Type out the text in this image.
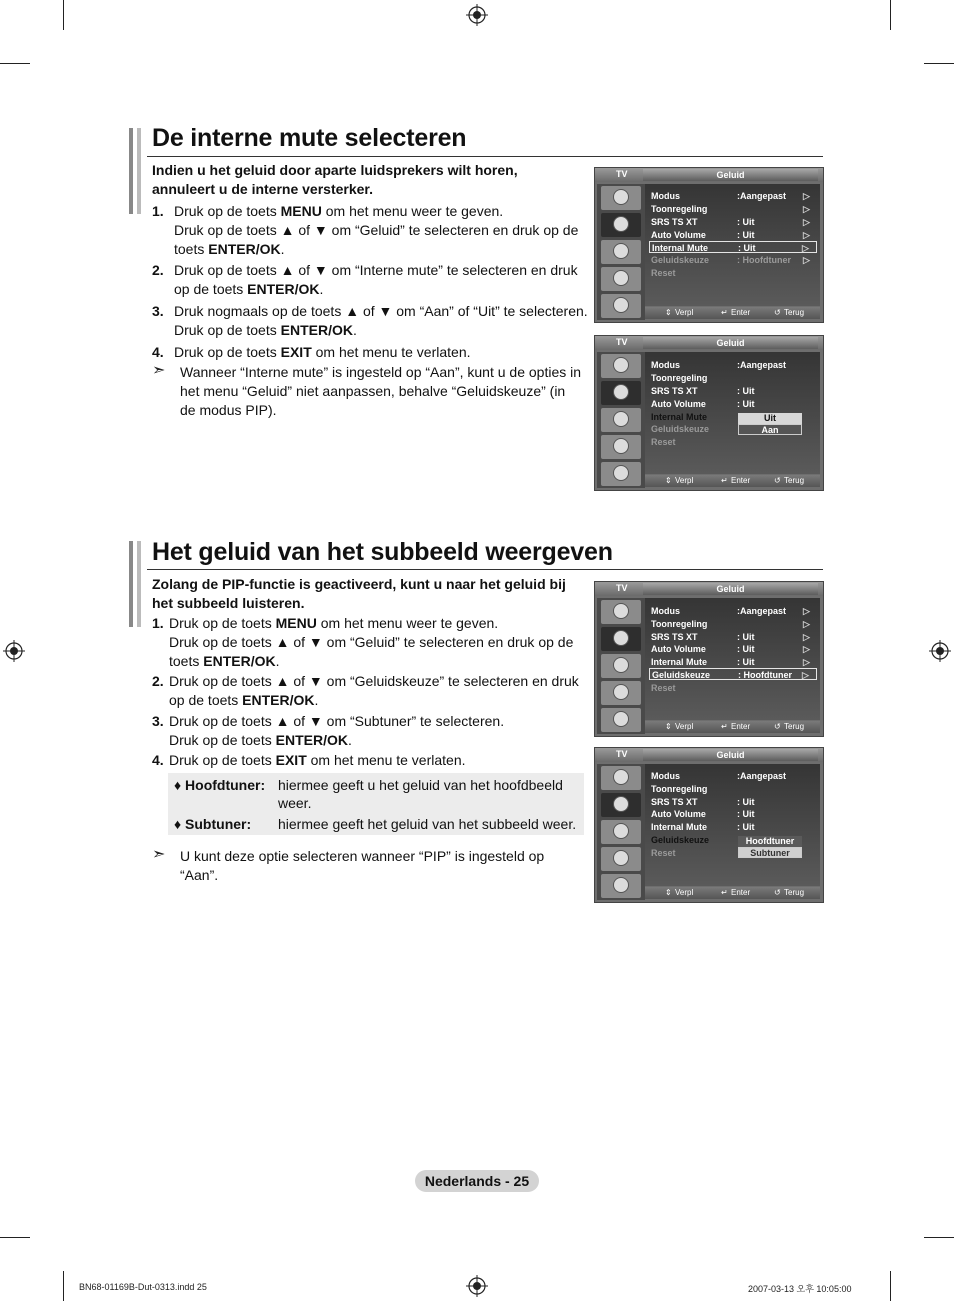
De interne mute selecteren
Indien u het geluid door aparte luidsprekers wilt horen, annuleert u de interne versterker.
1. Druk op de toets MENU om het menu weer te geven.
Druk op de toets ▲ of ▼ om “Geluid” te selecteren en druk op de toets ENTER/OK.
2. Druk op de toets ▲ of ▼ om “Interne mute” te selecteren en druk op de toets ENTER/OK.
3. Druk nogmaals op de toets ▲ of ▼ om “Aan” of “Uit” te selecteren. Druk op de toets ENTER/OK.
4. Druk op de toets EXIT om het menu te verlaten.
➣ Wanneer “Interne mute” is ingesteld op “Aan”, kunt u de opties in het menu “Geluid” niet aanpassen, behalve “Geluidskeuze” (in de modus PIP).
Het geluid van het subbeeld weergeven
Zolang de PIP-functie is geactiveerd, kunt u naar het geluid bij het subbeeld luisteren.
1. Druk op de toets MENU om het menu weer te geven.
Druk op de toets ▲ of ▼ om “Geluid” te selecteren en druk op de toets ENTER/OK.
2. Druk op de toets ▲ of ▼ om “Geluidskeuze” te selecteren en druk op de toets ENTER/OK.
3. Druk op de toets ▲ of ▼ om “Subtuner” te selecteren.
Druk op de toets ENTER/OK.
4. Druk op de toets EXIT om het menu te verlaten.
♦ Hoofdtuner: hiermee geeft u het geluid van het hoofdbeeld weer.
♦ Subtuner: hiermee geeft het geluid van het subbeeld weer.
➣ U kunt deze optie selecteren wanneer “PIP” is ingesteld op “Aan”.
TV	Geluid
Modus	:Aangepast ▷
Toonregeling	▷
SRS TS XT	: Uit	▷
Auto Volume	: Uit	▷
Internal Mute	: Uit	▷
Geluidskeuze	: Hoofdtuner ▷
Reset
⇕ Verpl	↵ Enter	↺ Terug
TV	Geluid
Modus	:Aangepast
Toonregeling
SRS TS XT	: Uit
Auto Volume	: Uit
Internal Mute
Geluidskeuze
Reset
Uit
Aan
⇕ Verpl	↵ Enter	↺ Terug
TV	Geluid
Modus	:Aangepast ▷
Toonregeling	▷
SRS TS XT	: Uit	▷
Auto Volume	: Uit	▷
Internal Mute	: Uit	▷
Geluidskeuze	: Hoofdtuner ▷
Reset
⇕ Verpl	↵ Enter	↺ Terug
TV	Geluid
Modus	:Aangepast
Toonregeling
SRS TS XT	: Uit
Auto Volume	: Uit
Internal Mute	: Uit
Geluidskeuze
Reset
Hoofdtuner
Subtuner
⇕ Verpl	↵ Enter	↺ Terug
Nederlands - 25
BN68-01169B-Dut-0313.indd 25	2007-03-13 오후 10:05:00
